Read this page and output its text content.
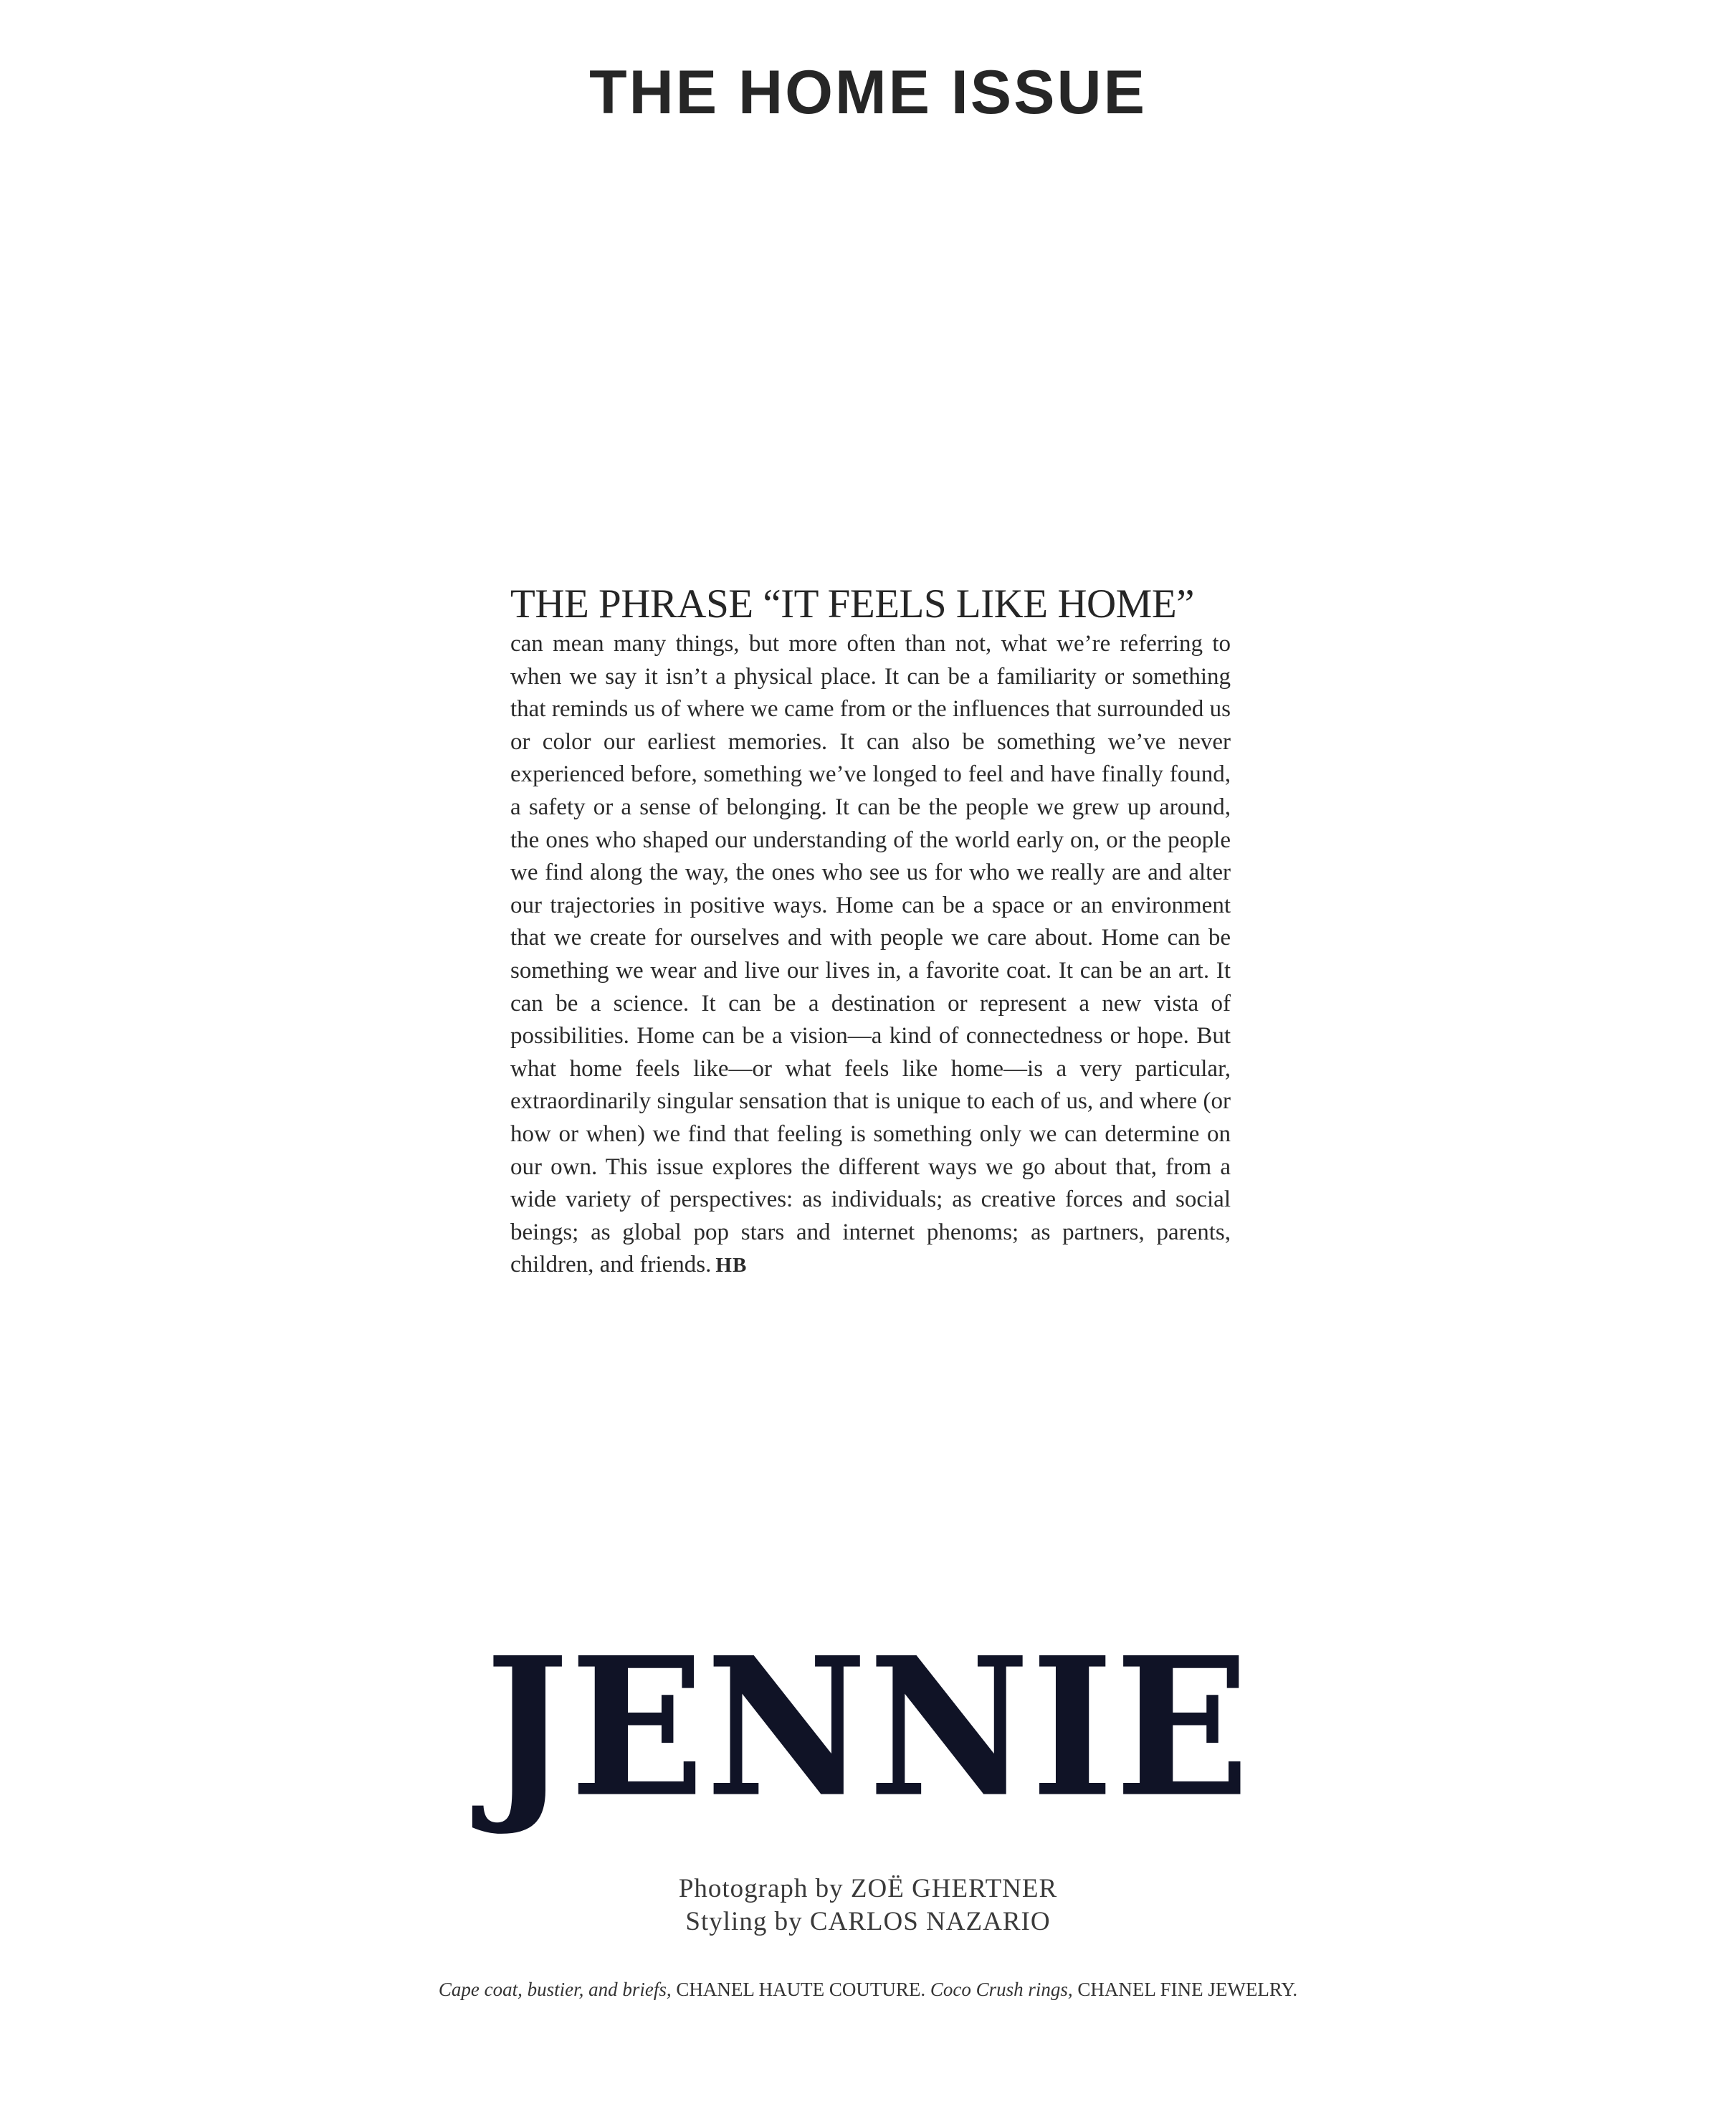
THE HOME ISSUE

THE PHRASE “IT FEELS LIKE HOME”

can mean many things, but more often than not, what we’re referring to when we say it isn’t a physical place. It can be a familiarity or something that reminds us of where we came from or the influences that surrounded us or color our earliest memories. It can also be something we’ve never experienced before, something we’ve longed to feel and have finally found, a safety or a sense of belonging. It can be the people we grew up around, the ones who shaped our understanding of the world early on, or the people we find along the way, the ones who see us for who we really are and alter our trajectories in positive ways. Home can be a space or an environment that we create for ourselves and with people we care about. Home can be something we wear and live our lives in, a favorite coat. It can be an art. It can be a science. It can be a destination or represent a new vista of possibilities. Home can be a vision—a kind of connectedness or hope. But what home feels like—or what feels like home—is a very particular, extraordinarily singular sensation that is unique to each of us, and where (or how or when) we find that feeling is something only we can determine on our own. This issue explores the different ways we go about that, from a wide variety of perspectives: as individuals; as creative forces and social beings; as global pop stars and internet phenoms; as partners, parents, children, and friends. HB

JENNIE
Photograph by ZOË GHERTNER
Styling by CARLOS NAZARIO
Cape coat, bustier, and briefs, CHANEL HAUTE COUTURE. Coco Crush rings, CHANEL FINE JEWELRY.
